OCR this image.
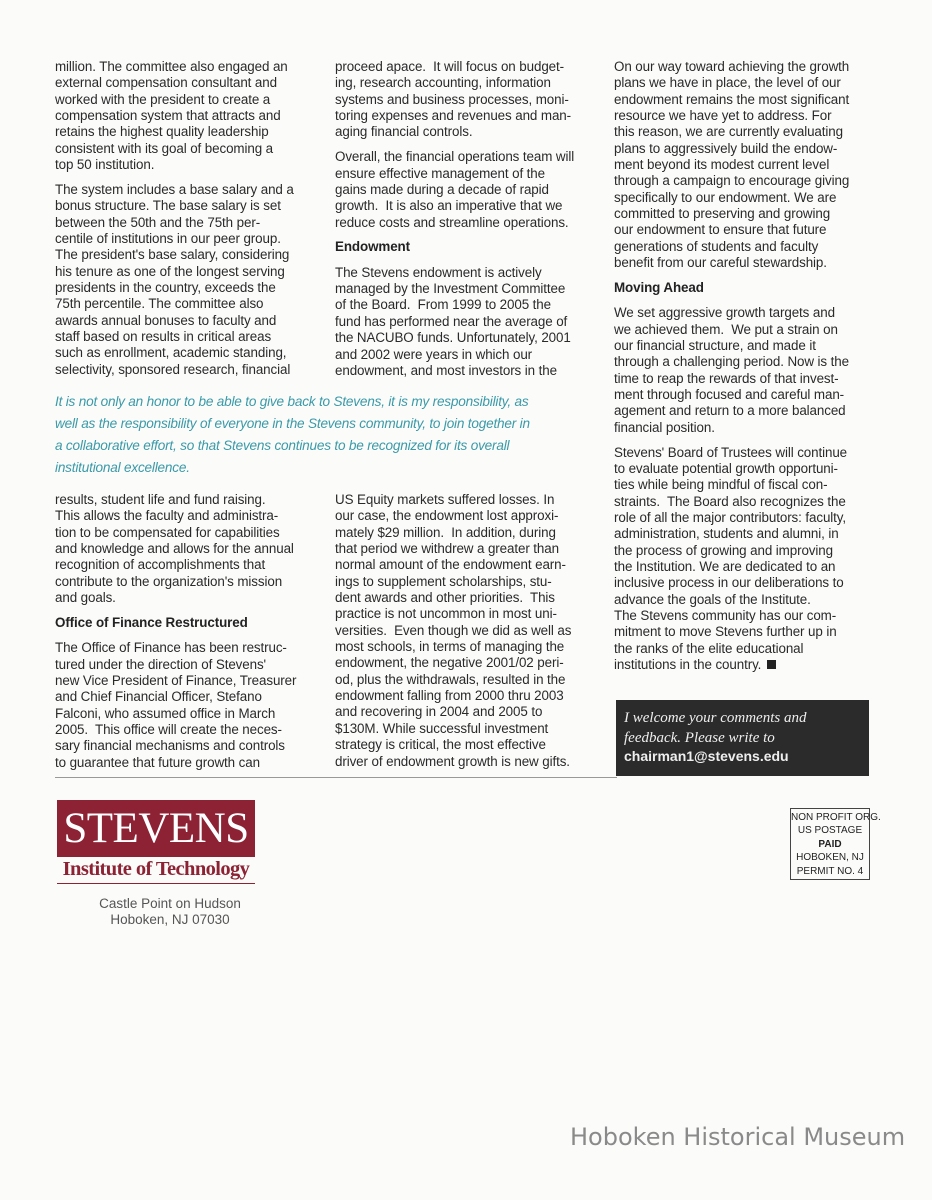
million. The committee also engaged an
external compensation consultant and
worked with the president to create a
compensation system that attracts and
retains the highest quality leadership
consistent with its goal of becoming a
top 50 institution.

The system includes a base salary and a
bonus structure. The base salary is set
between the 50th and the 75th per-
centile of institutions in our peer group.
The president's base salary, considering
his tenure as one of the longest serving
presidents in the country, exceeds the
75th percentile. The committee also
awards annual bonuses to faculty and
staff based on results in critical areas
such as enrollment, academic standing,
selectivity, sponsored research, financial

proceed apace.  It will focus on budget-
ing, research accounting, information
systems and business processes, moni-
toring expenses and revenues and man-
aging financial controls.

Overall, the financial operations team will
ensure effective management of the
gains made during a decade of rapid
growth.  It is also an imperative that we
reduce costs and streamline operations.

Endowment

The Stevens endowment is actively
managed by the Investment Committee
of the Board.  From 1999 to 2005 the
fund has performed near the average of
the NACUBO funds. Unfortunately, 2001
and 2002 were years in which our
endowment, and most investors in the

It is not only an honor to be able to give back to Stevens, it is my responsibility, as
well as the responsibility of everyone in the Stevens community, to join together in
a collaborative effort, so that Stevens continues to be recognized for its overall
institutional excellence.

results, student life and fund raising.
This allows the faculty and administra-
tion to be compensated for capabilities
and knowledge and allows for the annual
recognition of accomplishments that
contribute to the organization's mission
and goals.

Office of Finance Restructured

The Office of Finance has been restruc-
tured under the direction of Stevens'
new Vice President of Finance, Treasurer
and Chief Financial Officer, Stefano
Falconi, who assumed office in March
2005.  This office will create the neces-
sary financial mechanisms and controls
to guarantee that future growth can

US Equity markets suffered losses. In
our case, the endowment lost approxi-
mately $29 million.  In addition, during
that period we withdrew a greater than
normal amount of the endowment earn-
ings to supplement scholarships, stu-
dent awards and other priorities.  This
practice is not uncommon in most uni-
versities.  Even though we did as well as
most schools, in terms of managing the
endowment, the negative 2001/02 peri-
od, plus the withdrawals, resulted in the
endowment falling from 2000 thru 2003
and recovering in 2004 and 2005 to
$130M. While successful investment
strategy is critical, the most effective
driver of endowment growth is new gifts.

On our way toward achieving the growth
plans we have in place, the level of our
endowment remains the most significant
resource we have yet to address. For
this reason, we are currently evaluating
plans to aggressively build the endow-
ment beyond its modest current level
through a campaign to encourage giving
specifically to our endowment. We are
committed to preserving and growing
our endowment to ensure that future
generations of students and faculty
benefit from our careful stewardship.

Moving Ahead

We set aggressive growth targets and
we achieved them.  We put a strain on
our financial structure, and made it
through a challenging period. Now is the
time to reap the rewards of that invest-
ment through focused and careful man-
agement and return to a more balanced
financial position.

Stevens' Board of Trustees will continue
to evaluate potential growth opportuni-
ties while being mindful of fiscal con-
straints.  The Board also recognizes the
role of all the major contributors: faculty,
administration, students and alumni, in
the process of growing and improving
the Institution. We are dedicated to an
inclusive process in our deliberations to
advance the goals of the Institute.
The Stevens community has our com-
mitment to move Stevens further up in
the ranks of the elite educational
institutions in the country.

I welcome your comments and
feedback. Please write to
chairman1@stevens.edu
STEVENS
Institute of Technology
Castle Point on Hudson
Hoboken, NJ 07030
NON PROFIT ORG.
US POSTAGE
PAID
HOBOKEN, NJ
PERMIT NO. 4
Hoboken Historical Museum
